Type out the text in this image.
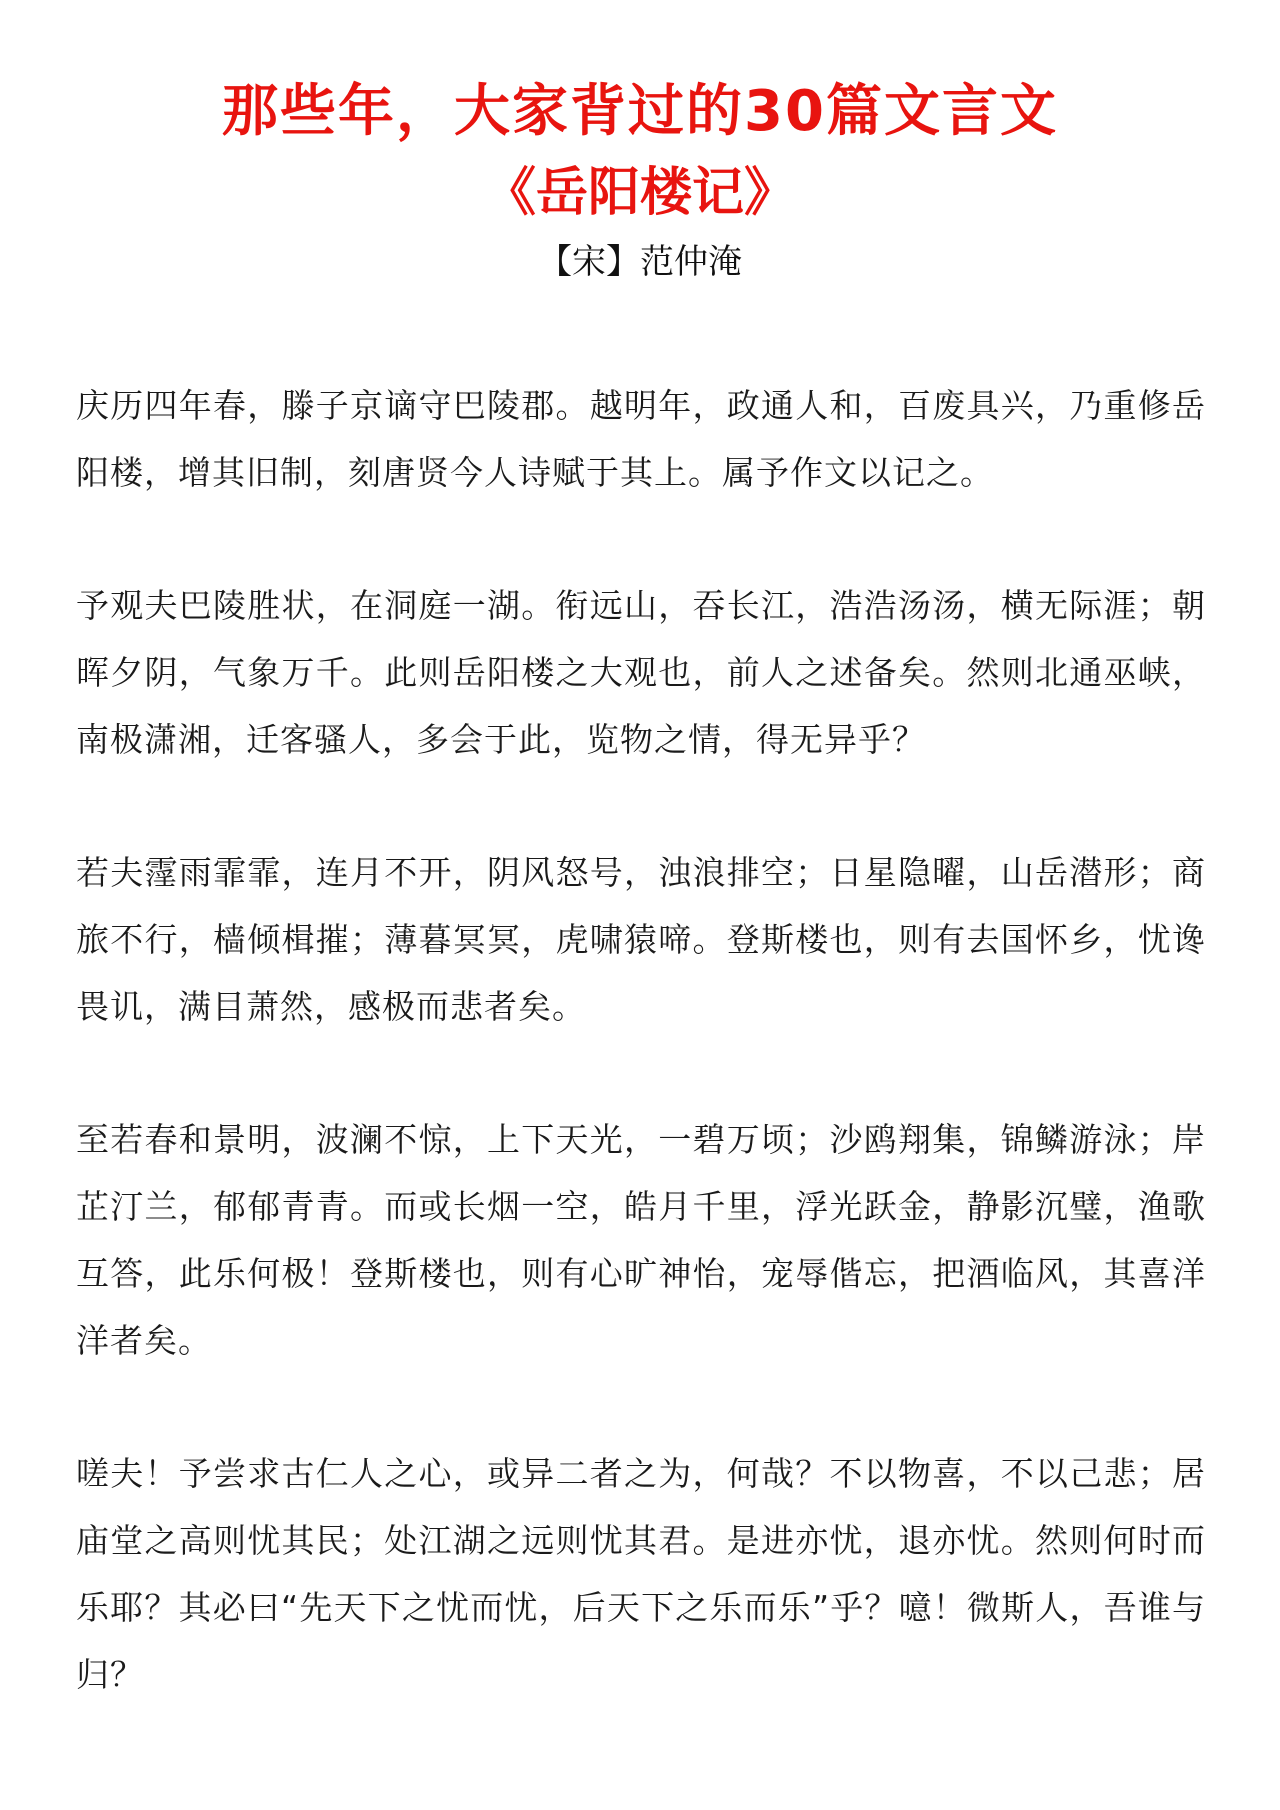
那些年，大家背过的30篇文言文
《岳阳楼记》
【宋】范仲淹

庆历四年春，滕子京谪守巴陵郡。越明年，政通人和，百废具兴，乃重修岳阳楼，增其旧制，刻唐贤今人诗赋于其上。属予作文以记之。

予观夫巴陵胜状，在洞庭一湖。衔远山，吞长江，浩浩汤汤，横无际涯；朝晖夕阴，气象万千。此则岳阳楼之大观也，前人之述备矣。然则北通巫峡，南极潇湘，迁客骚人，多会于此，览物之情，得无异乎？

若夫霪雨霏霏，连月不开，阴风怒号，浊浪排空；日星隐曜，山岳潜形；商旅不行，樯倾楫摧；薄暮冥冥，虎啸猿啼。登斯楼也，则有去国怀乡，忧谗畏讥，满目萧然，感极而悲者矣。

至若春和景明，波澜不惊，上下天光，一碧万顷；沙鸥翔集，锦鳞游泳；岸芷汀兰，郁郁青青。而或长烟一空，皓月千里，浮光跃金，静影沉璧，渔歌互答，此乐何极！登斯楼也，则有心旷神怡，宠辱偕忘，把酒临风，其喜洋洋者矣。

嗟夫！予尝求古仁人之心，或异二者之为，何哉？不以物喜，不以己悲；居庙堂之高则忧其民；处江湖之远则忧其君。是进亦忧，退亦忧。然则何时而乐耶？其必曰“先天下之忧而忧，后天下之乐而乐”乎？噫！微斯人，吾谁与归？
